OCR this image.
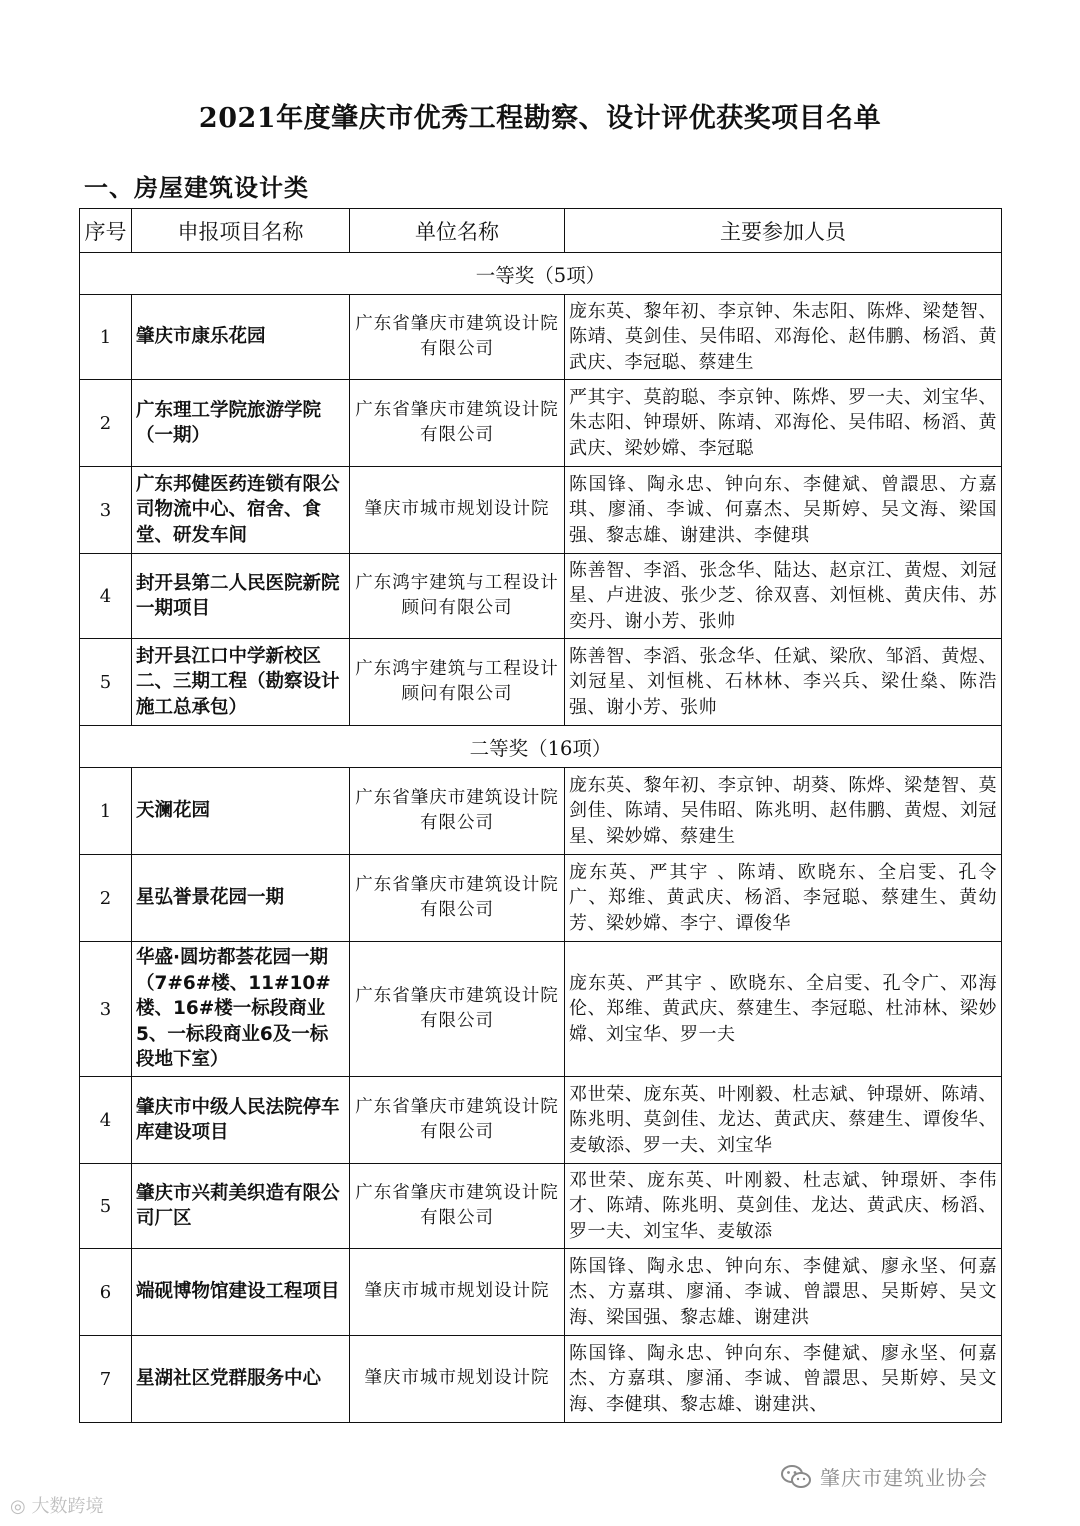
2021年度肇庆市优秀工程勘察、设计评优获奖项目名单
一、房屋建筑设计类
序号	申报项目名称	单位名称	主要参加人员
一等奖（5项）			
1	肇庆市康乐花园	广东省肇庆市建筑设计院有限公司	庞东英、黎年初、李京钟、朱志阳、陈烨、梁楚智、陈靖、莫剑佳、吴伟昭、邓海伦、赵伟鹏、杨滔、黄武庆、李冠聪、蔡建生
2	广东理工学院旅游学院（一期）	广东省肇庆市建筑设计院有限公司	严其宇、莫韵聪、李京钟、陈烨、罗一夫、刘宝华、朱志阳、钟璟妍、陈靖、邓海伦、吴伟昭、杨滔、黄武庆、梁妙嫦、李冠聪
3	广东邦健医药连锁有限公司物流中心、宿舍、食堂、研发车间	肇庆市城市规划设计院	陈国锋、陶永忠、钟向东、李健斌、曾譞思、方嘉琪、廖涌、李诚、何嘉杰、吴斯婷、吴文海、梁国强、黎志雄、谢建洪、李健琪
4	封开县第二人民医院新院一期项目	广东鸿宇建筑与工程设计顾问有限公司	陈善智、李滔、张念华、陆达、赵京江、黄煜、刘冠星、卢进波、张少芝、徐双喜、刘恒桃、黄庆伟、苏奕丹、谢小芳、张帅
5	封开县江口中学新校区二、三期工程（勘察设计施工总承包）	广东鸿宇建筑与工程设计顾问有限公司	陈善智、李滔、张念华、任斌、梁欣、邹滔、黄煜、刘冠星、刘恒桃、石林林、李兴兵、梁仕燊、陈浩强、谢小芳、张帅
二等奖（16项）			
1	天澜花园	广东省肇庆市建筑设计院有限公司	庞东英、黎年初、李京钟、胡葵、陈烨、梁楚智、莫剑佳、陈靖、吴伟昭、陈兆明、赵伟鹏、黄煜、刘冠星、梁妙嫦、蔡建生
2	星弘誉景花园一期	广东省肇庆市建筑设计院有限公司	庞东英、严其宇 、陈靖、欧晓东、全启雯、孔令广、郑维、黄武庆、杨滔、李冠聪、蔡建生、黄幼芳、梁妙嫦、李宁、谭俊华
3	华盛·圆坊都荟花园一期（7#6#楼、11#10#楼、16#楼一标段商业5、一标段商业6及一标段地下室）	广东省肇庆市建筑设计院有限公司	庞东英、严其宇 、欧晓东、全启雯、孔令广、邓海伦、郑维、黄武庆、蔡建生、李冠聪、杜沛林、梁妙嫦、刘宝华、罗一夫
4	肇庆市中级人民法院停车库建设项目	广东省肇庆市建筑设计院有限公司	邓世荣、庞东英、叶刚毅、杜志斌、钟璟妍、陈靖、陈兆明、莫剑佳、龙达、黄武庆、蔡建生、谭俊华、麦敏添、罗一夫、刘宝华
5	肇庆市兴莉美织造有限公司厂区	广东省肇庆市建筑设计院有限公司	邓世荣、庞东英、叶刚毅、杜志斌、钟璟妍、李伟才、陈靖、陈兆明、莫剑佳、龙达、黄武庆、杨滔、罗一夫、刘宝华、麦敏添
6	端砚博物馆建设工程项目	肇庆市城市规划设计院	陈国锋、陶永忠、钟向东、李健斌、廖永坚、何嘉杰、方嘉琪、廖涌、李诚、曾譞思、吴斯婷、吴文海、梁国强、黎志雄、谢建洪
7	星湖社区党群服务中心	肇庆市城市规划设计院	陈国锋、陶永忠、钟向东、李健斌、廖永坚、何嘉杰、方嘉琪、廖涌、李诚、曾譞思、吴斯婷、吴文海、李健琪、黎志雄、谢建洪、
◎ 大数跨境
肇庆市建筑业协会
